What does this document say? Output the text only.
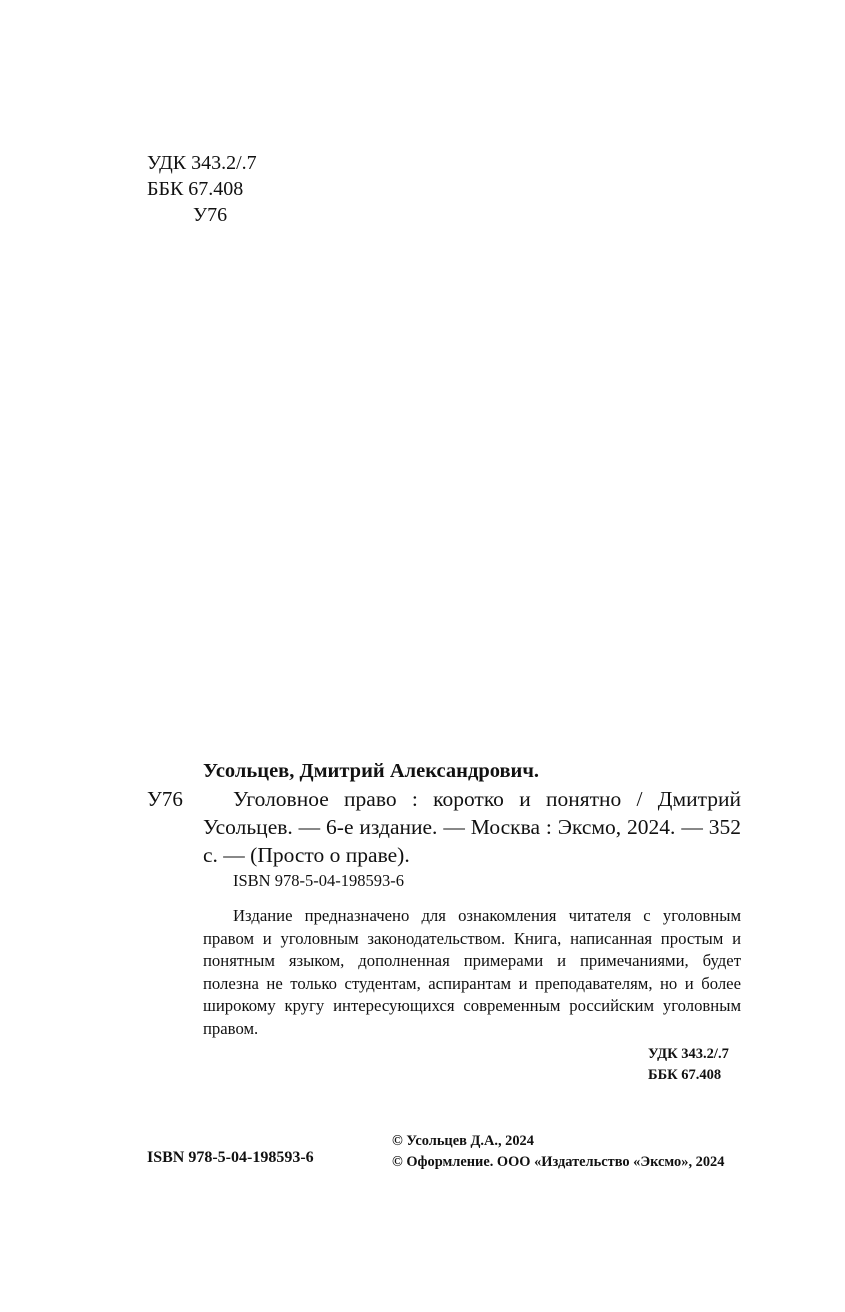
УДК 343.2/.7
ББК 67.408
У76
Усольцев, Дмитрий Александрович.
У76	Уголовное право : коротко и понятно / Дмитрий Усольцев. — 6-е издание. — Москва : Эксмо, 2024. — 352 с. — (Просто о праве).

ISBN 978-5-04-198593-6

Издание предназначено для ознакомления читателя с уголовным правом и уголовным законодательством. Книга, написанная простым и понятным языком, дополненная примерами и примечаниями, будет полезна не только студентам, аспирантам и преподавателям, но и более широкому кругу интересующихся современным российским уголовным правом.

УДК 343.2/.7
ББК 67.408
ISBN 978-5-04-198593-6
© Усольцев Д.А., 2024
© Оформление. ООО «Издательство «Эксмо», 2024
